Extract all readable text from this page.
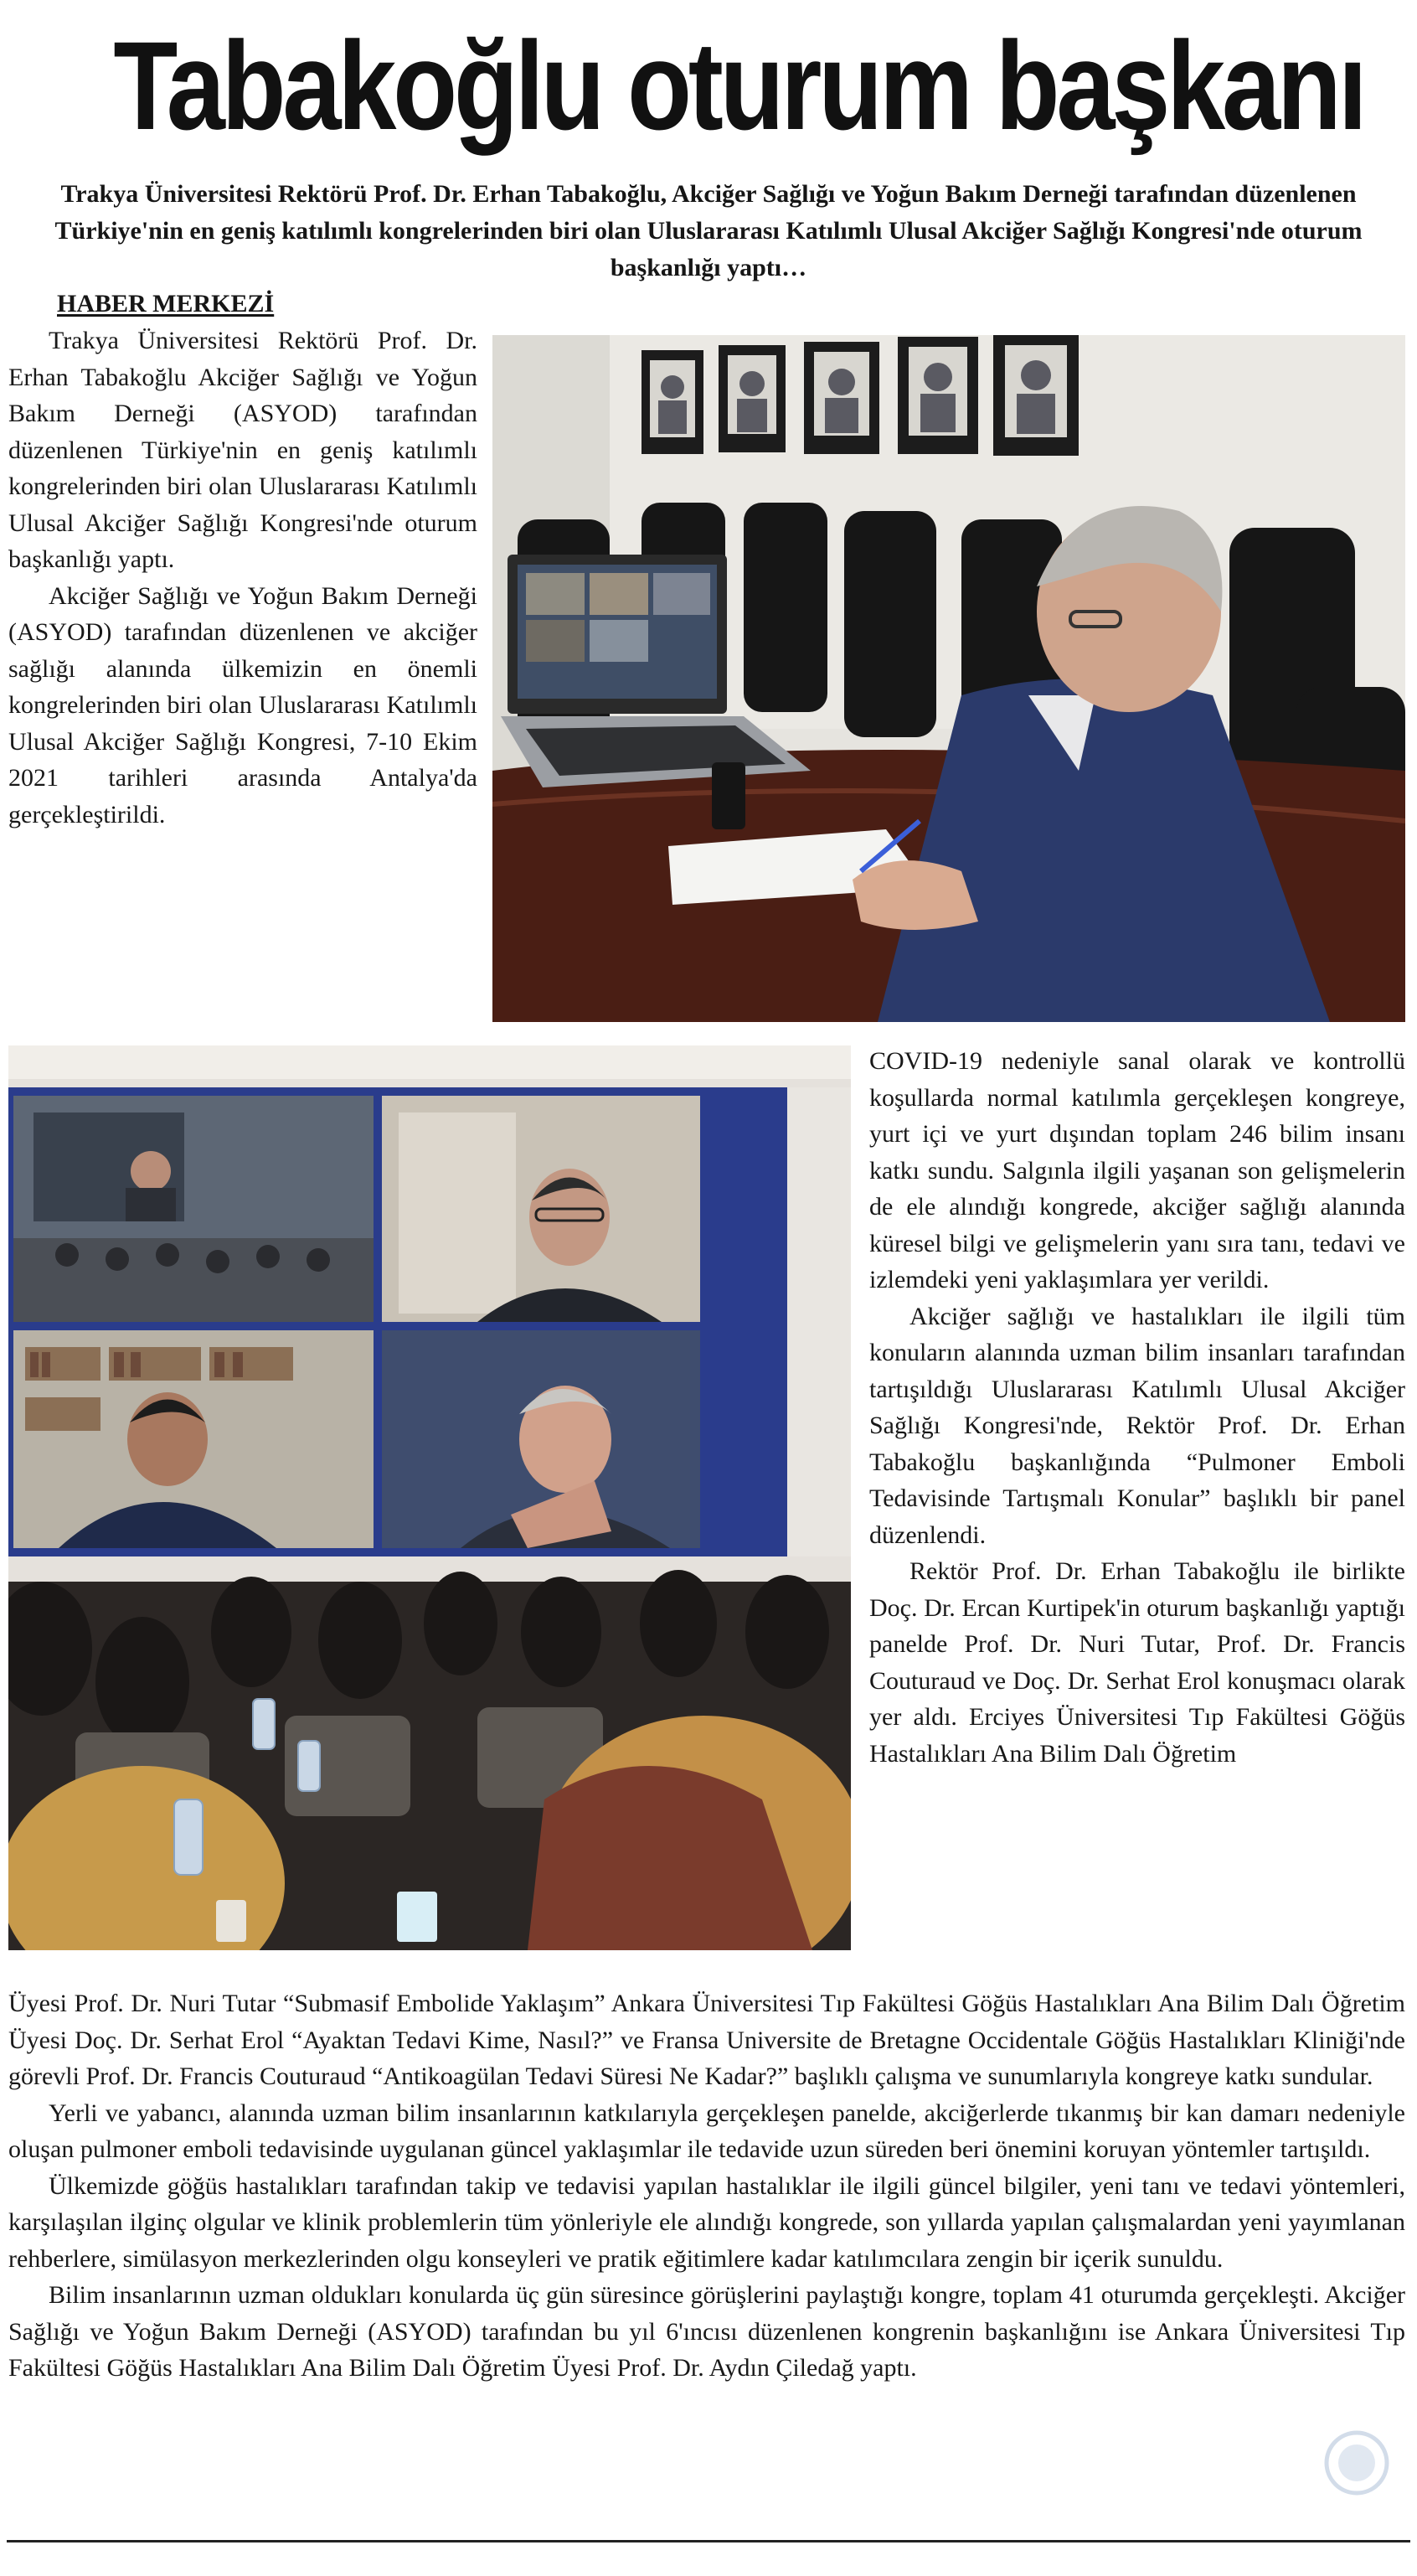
Tabakoğlu oturum başkanı

Trakya Üniversitesi Rektörü Prof. Dr. Erhan Tabakoğlu, Akciğer Sağlığı ve Yoğun Bakım Derneği tarafından düzenlenen Türkiye'nin en geniş katılımlı kongrelerinden biri olan Uluslararası Katılımlı Ulusal Akciğer Sağlığı Kongresi'nde oturum başkanlığı yaptı…

HABER MERKEZİ

Trakya Üniversitesi Rektörü Prof. Dr. Erhan Tabakoğlu Akciğer Sağlığı ve Yoğun Bakım Derneği (ASYOD) tarafından düzenlenen Türkiye'nin en geniş katılımlı kongrelerinden biri olan Uluslararası Katılımlı Ulusal Akciğer Sağlığı Kongresi'nde oturum başkanlığı yaptı.

Akciğer Sağlığı ve Yoğun Bakım Derneği (ASYOD) tarafından düzenlenen ve akciğer sağlığı alanında ülkemizin en önemli kongrelerinden biri olan Uluslararası Katılımlı Ulusal Akciğer Sağlığı Kongresi, 7-10 Ekim 2021 tarihleri arasında Antalya'da gerçekleştirildi.

COVID-19 nedeniyle sanal olarak ve kontrollü koşullarda normal katılımla gerçekleşen kongreye, yurt içi ve yurt dışından toplam 246 bilim insanı katkı sundu. Salgınla ilgili yaşanan son gelişmelerin de ele alındığı kongrede, akciğer sağlığı alanında küresel bilgi ve gelişmelerin yanı sıra tanı, tedavi ve izlemdeki yeni yaklaşımlara yer verildi.

Akciğer sağlığı ve hastalıkları ile ilgili tüm konuların alanında uzman bilim insanları tarafından tartışıldığı Uluslararası Katılımlı Ulusal Akciğer Sağlığı Kongresi'nde, Rektör Prof. Dr. Erhan Tabakoğlu başkanlığında “Pulmoner Emboli Tedavisinde Tartışmalı Konular” başlıklı bir panel düzenlendi.

Rektör Prof. Dr. Erhan Tabakoğlu ile birlikte Doç. Dr. Ercan Kurtipek'in oturum başkanlığı yaptığı panelde Prof. Dr. Nuri Tutar, Prof. Dr. Francis Couturaud ve Doç. Dr. Serhat Erol konuşmacı olarak yer aldı. Erciyes Üniversitesi Tıp Fakültesi Göğüs Hastalıkları Ana Bilim Dalı Öğretim

Üyesi Prof. Dr. Nuri Tutar “Submasif Embolide Yaklaşım” Ankara Üniversitesi Tıp Fakültesi Göğüs Hastalıkları Ana Bilim Dalı Öğretim Üyesi Doç. Dr. Serhat Erol “Ayaktan Tedavi Kime, Nasıl?” ve Fransa Universite de Bretagne Occidentale Göğüs Hastalıkları Kliniği'nde görevli Prof. Dr. Francis Couturaud “Antikoagülan Tedavi Süresi Ne Kadar?” başlıklı çalışma ve sunumlarıyla kongreye katkı sundular.

Yerli ve yabancı, alanında uzman bilim insanlarının katkılarıyla gerçekleşen panelde, akciğerlerde tıkanmış bir kan damarı nedeniyle oluşan pulmoner emboli tedavisinde uygulanan güncel yaklaşımlar ile tedavide uzun süreden beri önemini koruyan yöntemler tartışıldı.

Ülkemizde göğüs hastalıkları tarafından takip ve tedavisi yapılan hastalıklar ile ilgili güncel bilgiler, yeni tanı ve tedavi yöntemleri, karşılaşılan ilginç olgular ve klinik problemlerin tüm yönleriyle ele alındığı kongrede, son yıllarda yapılan çalışmalardan yeni yayımlanan rehberlere, simülasyon merkezlerinden olgu konseyleri ve pratik eğitimlere kadar katılımcılara zengin bir içerik sunuldu.

Bilim insanlarının uzman oldukları konularda üç gün süresince görüşlerini paylaştığı kongre, toplam 41 oturumda gerçekleşti. Akciğer Sağlığı ve Yoğun Bakım Derneği (ASYOD) tarafından bu yıl 6'ıncısı düzenlenen kongrenin başkanlığını ise Ankara Üniversitesi Tıp Fakültesi Göğüs Hastalıkları Ana Bilim Dalı Öğretim Üyesi Prof. Dr. Aydın Çiledağ yaptı.
